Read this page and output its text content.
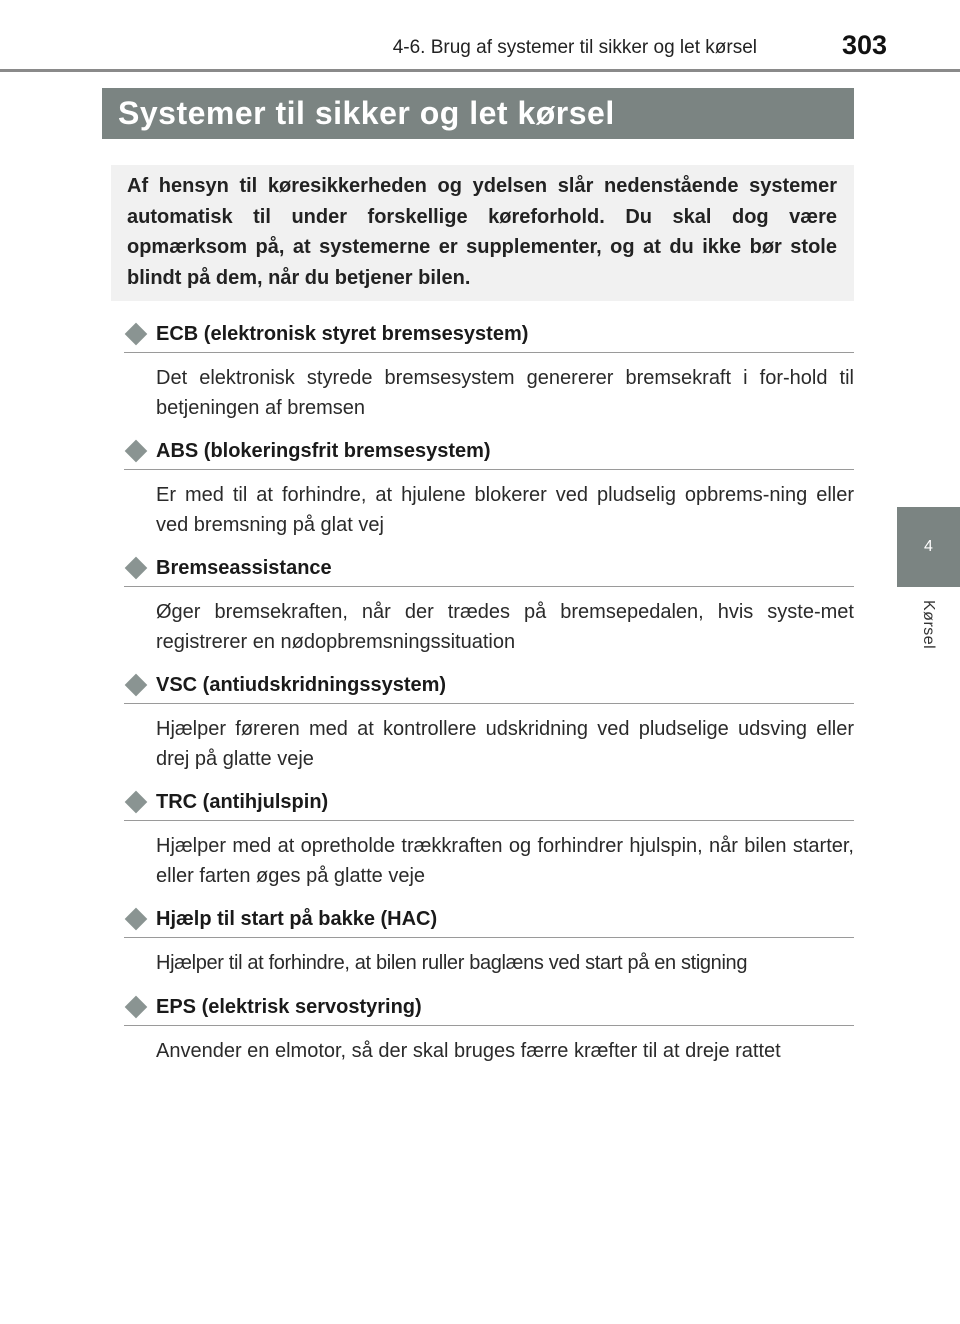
4-6. Brug af systemer til sikker og let kørsel	303
4
Kørsel
Systemer til sikker og let kørsel

Af hensyn til køresikkerheden og ydelsen slår nedenstående systemer automatisk til under forskellige køreforhold. Du skal dog være opmærksom på, at systemerne er supplementer, og at du ikke bør stole blindt på dem, når du betjener bilen.

ECB (elektronisk styret bremsesystem)

Det elektronisk styrede bremsesystem genererer bremsekraft i for-hold til betjeningen af bremsen

ABS (blokeringsfrit bremsesystem)

Er med til at forhindre, at hjulene blokerer ved pludselig opbrems-ning eller ved bremsning på glat vej

Bremseassistance

Øger bremsekraften, når der trædes på bremsepedalen, hvis syste-met registrerer en nødopbremsningssituation

VSC (antiudskridningssystem)

Hjælper føreren med at kontrollere udskridning ved pludselige udsving eller drej på glatte veje

TRC (antihjulspin)

Hjælper med at opretholde trækkraften og forhindrer hjulspin, når bilen starter, eller farten øges på glatte veje

Hjælp til start på bakke (HAC)

Hjælper til at forhindre, at bilen ruller baglæns ved start på en stigning

EPS (elektrisk servostyring)

Anvender en elmotor, så der skal bruges færre kræfter til at dreje rattet
